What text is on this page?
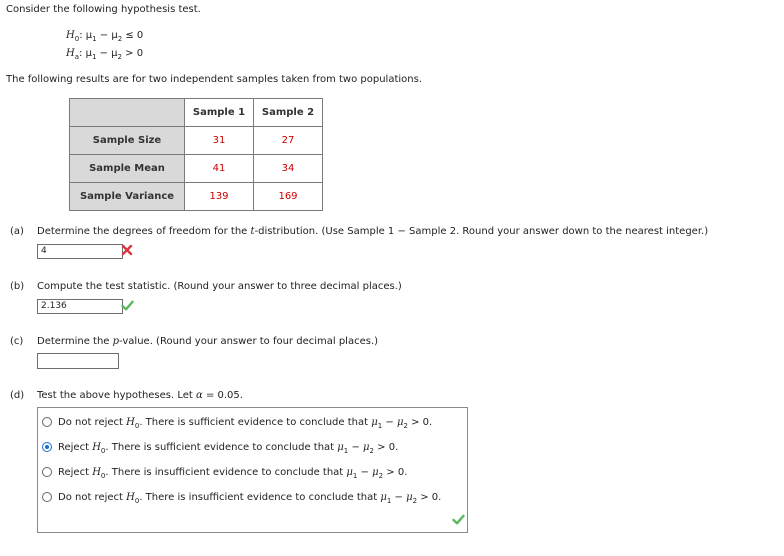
Consider the following hypothesis test.
$H_0$: $\mu_1 - \mu_2 \le 0$
$H_a$: $\mu_1 - \mu_2 > 0$
The following results are for two independent samples taken from two populations.
	Sample 1	Sample 2
Sample Size	31	27
Sample Mean	41	34
Sample Variance	139	169
(a) Determine the degrees of freedom for the t-distribution. (Use Sample 1 − Sample 2. Round your answer down to the nearest integer.)
4
(b) Compute the test statistic. (Round your answer to three decimal places.)
2.136
(c) Determine the p-value. (Round your answer to four decimal places.)
(d) Test the above hypotheses. Let α = 0.05.
Do not reject $H_0$. There is sufficient evidence to conclude that $\mu_1 - \mu_2 > 0$.
Reject $H_0$. There is sufficient evidence to conclude that $\mu_1 - \mu_2 > 0$.
Reject $H_0$. There is insufficient evidence to conclude that $\mu_1 - \mu_2 > 0$.
Do not reject $H_0$. There is insufficient evidence to conclude that $\mu_1 - \mu_2 > 0$.
